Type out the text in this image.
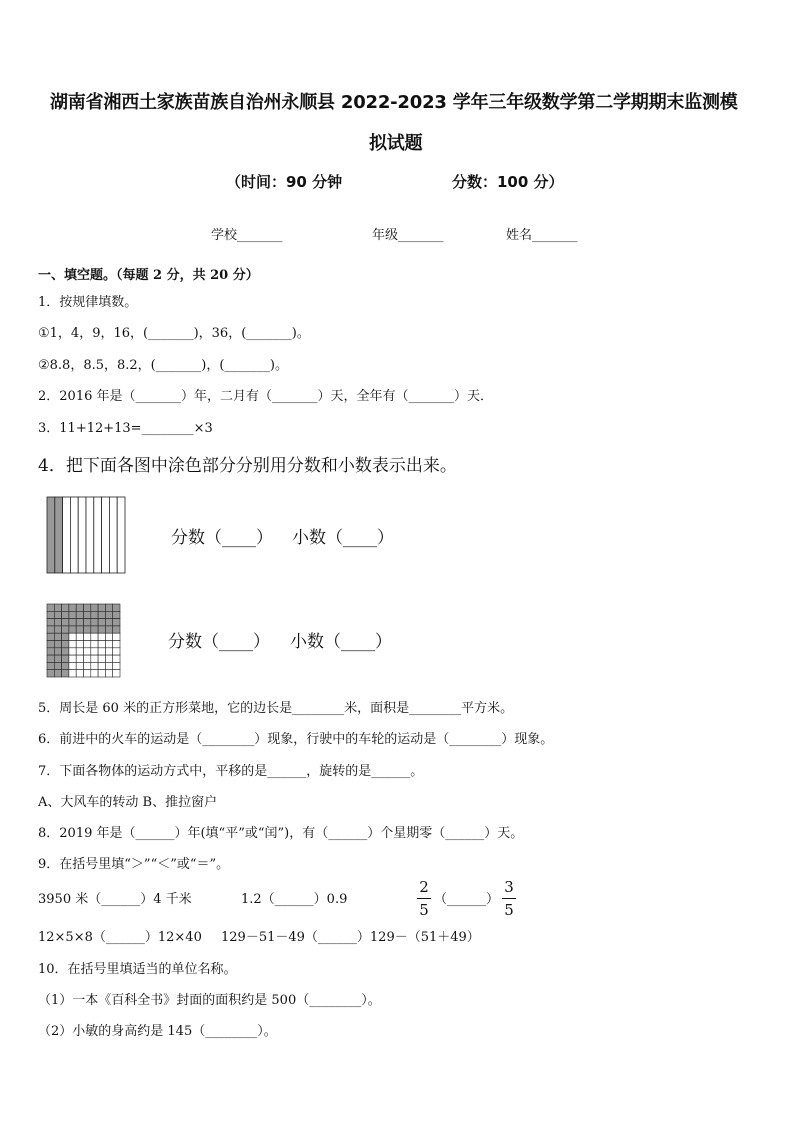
湖南省湘西土家族苗族自治州永顺县 2022-2023 学年三年级数学第二学期期末监测模
拟试题
（时间：90 分钟	分数：100 分）
学校_______	年级_______	姓名_______
一、填空题。（每题 2 分，共 20 分）
1．按规律填数。
①1，4，9，16，(_______)，36，(_______)。
②8.8，8.5，8.2，(_______)，(_______)。
2．2016 年是（_______）年，二月有（_______）天，全年有（_______）天．
3．11+12+13=________×3
4．把下面各图中涂色部分分别用分数和小数表示出来。
分数（____） 小数（____）
分数（____） 小数（____）
5．周长是 60 米的正方形菜地，它的边长是________米，面积是________平方米。
6．前进中的火车的运动是（________）现象，行驶中的车轮的运动是（________）现象。
7．下面各物体的运动方式中，平移的是______，旋转的是______。
A、大风车的转动 B、推拉窗户
8．2019 年是（______）年(填“平”或“闰”)，有（______）个星期零（______）天。
9．在括号里填“＞”“＜”或“＝”。
3950 米（______）4 千米	1.2（______）0.9
2
5
（______）
3
5
12×5×8（______）12×40 129－51－49（______）129－（51＋49）
10．在括号里填适当的单位名称。
（1）一本《百科全书》封面的面积约是 500（________）。
（2）小敏的身高约是 145（________）。
